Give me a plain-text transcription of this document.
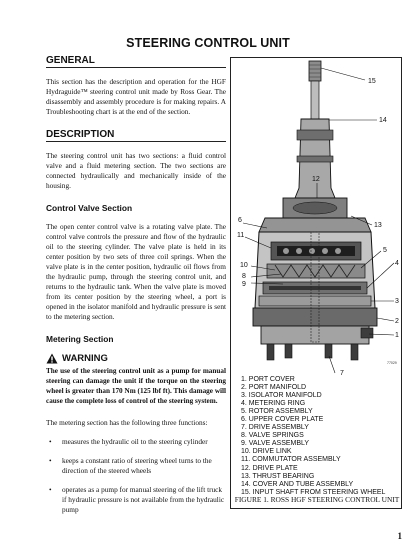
STEERING CONTROL UNIT
GENERAL

This section has the description and operation for the HGF Hydraguide™ steering control unit made by Ross Gear. The disassembly and assembly procedure is for making repairs. A Troubleshooting chart is at the end of the section.

DESCRIPTION

The steering control unit has two sections: a fluid control valve and a fluid metering section. The two sections are connected hydraulically and mechanically inside of the housing.

Control Valve Section

The open center control valve is a rotating valve plate. The control valve controls the pressure and flow of the hydraulic oil to the steering cylinder. The valve plate is held in its center position by two sets of three coil springs. When the valve plate is in the center position, hydraulic oil flows from the hydraulic pump, through the steering control unit, and returns to the hydraulic tank. When the valve plate is moved from its center position by the steering wheel, a port is opened in the isolator manifold and hydraulic pressure is sent to the metering section.

Metering Section
WARNING

The use of the steering control unit as a pump for manual steering can damage the unit if the torque on the steering wheel is greater than 170 Nm (125 lbf ft). This damage will cause the complete loss of control of the steering system.

The metering section has the following three functions:

• measures the hydraulic oil to the steering cylinder
• keeps a constant ratio of steering wheel turns to the direction of the steered wheels
• operates as a pump for manual steering of the lift truck if hydraulic pressure is not available from the hydraulic pump
15
14
12
6
13
11
5
10
8
9
4
3
2
1
7
77029
1. PORT COVER
2. PORT MANIFOLD
3. ISOLATOR MANIFOLD
4. METERING RING
5. ROTOR ASSEMBLY
6. UPPER COVER PLATE
7. DRIVE ASSEMBLY
8. VALVE SPRINGS
9. VALVE ASSEMBLY
10. DRIVE LINK
11. COMMUTATOR ASSEMBLY
12. DRIVE PLATE
13. THRUST BEARING
14. COVER AND TUBE ASSEMBLY
15. INPUT SHAFT FROM STEERING WHEEL
FIGURE 1. ROSS HGF STEERING CONTROL UNIT
1
